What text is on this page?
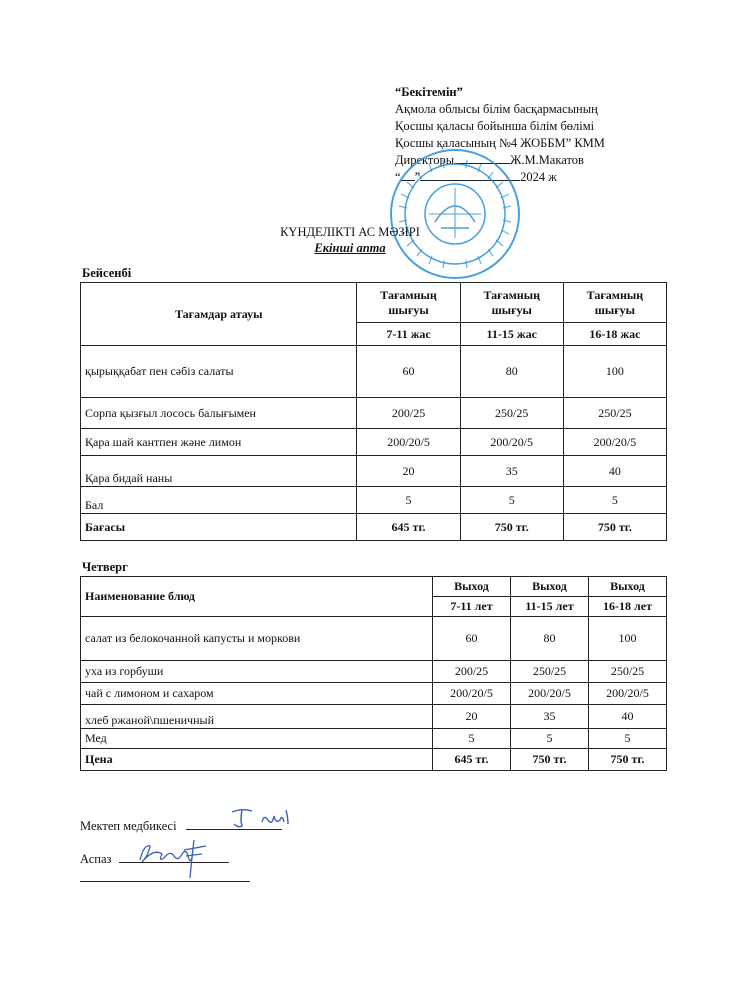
“Бекітемін”
Ақмола облысы білім басқармасының
Қосшы қаласы бойынша білім бөлімі
Қосшы қаласының №4 ЖОББМ” КММ
Директоры	Ж.М.Макатов
“ ”	2024 ж
КҮНДЕЛІКТІ АС МӘЗІРІ
Екінші апта
Бейсенбі
Тағамдар атауы	Тағамның шығуы	Тағамның шығуы	Тағамның шығуы
	7-11 жас	11-15 жас	16-18 жас
қырыққабат пен сәбіз салаты	60	80	100
Сорпа қызғыл лосось балығымен	200/25	250/25	250/25
Қара шай кантпен және лимон	200/20/5	200/20/5	200/20/5
Қара бидай наны	20	35	40
Бал	5	5	5
Бағасы	645 тг.	750 тг.	750 тг.
Четверг
Наименование блюд	Выход	Выход	Выход
	7-11 лет	11-15 лет	16-18 лет
салат из белокочанной капусты и моркови	60	80	100
уха из горбуши	200/25	250/25	250/25
чай с лимоном и сахаром	200/20/5	200/20/5	200/20/5
хлеб ржаной\пшеничный	20	35	40
Мед	5	5	5
Цена	645 тг.	750 тг.	750 тг.
Мектеп медбикесі
Аспаз
